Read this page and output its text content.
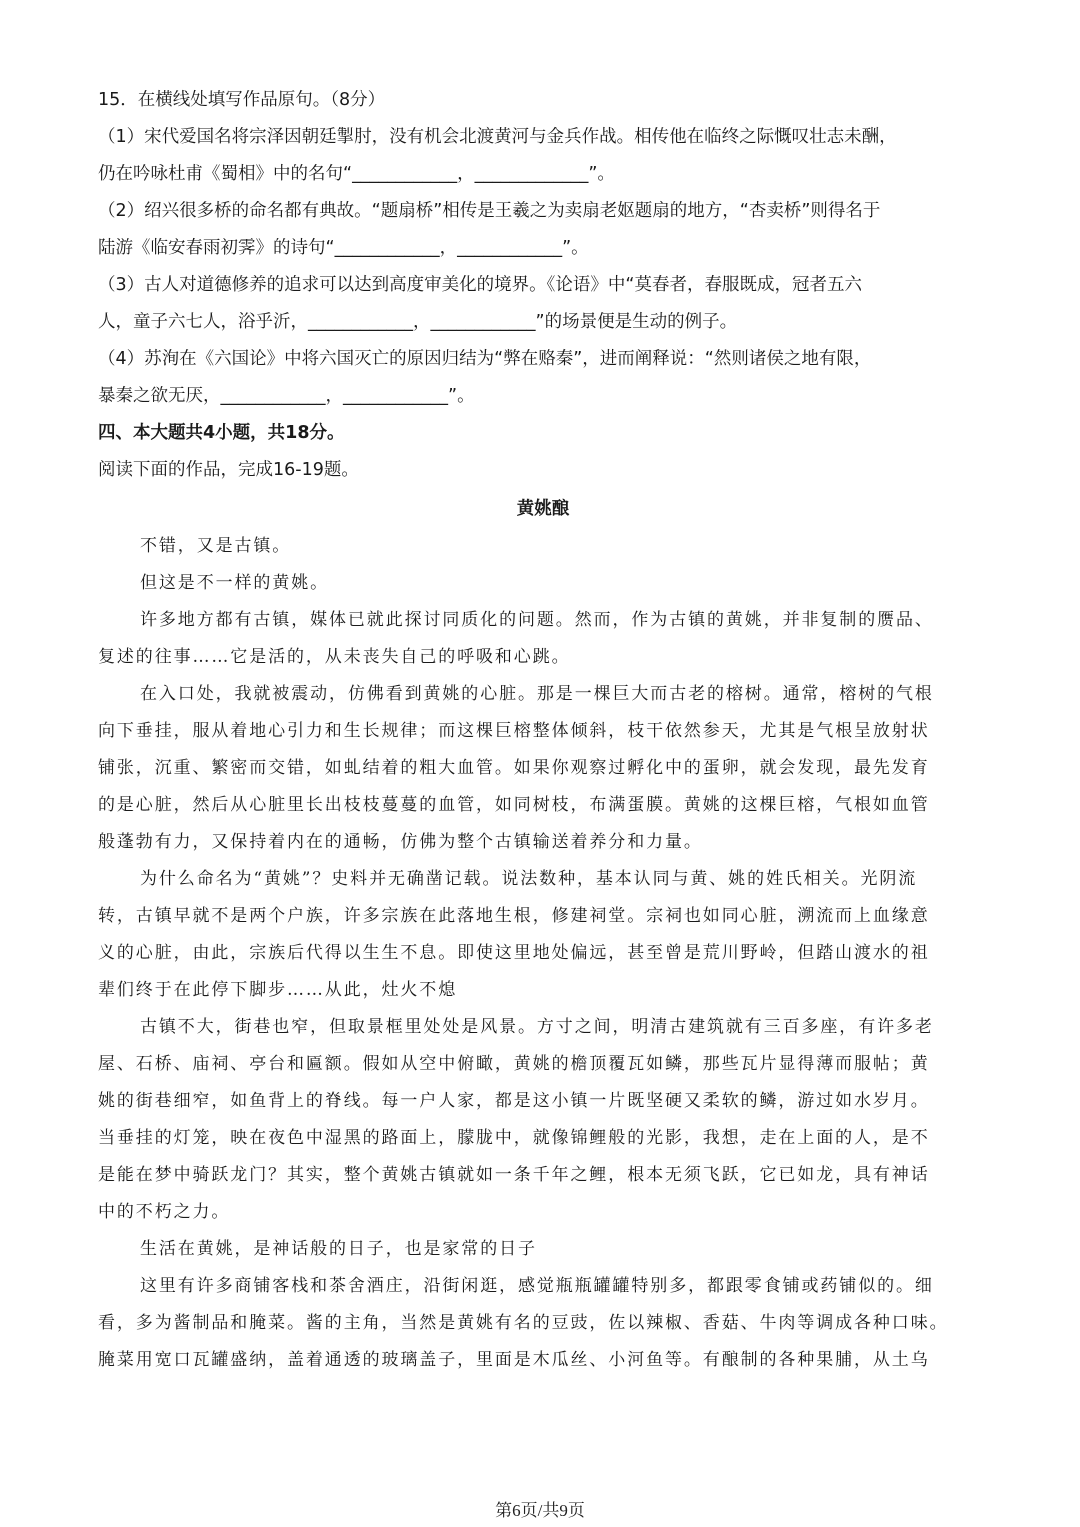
15．在横线处填写作品原句。（8分）

（1）宋代爱国名将宗泽因朝廷掣肘，没有机会北渡黄河与金兵作战。相传他在临终之际慨叹壮志未酬，

仍在吟咏杜甫《蜀相》中的名句“____________，_____________”。

（2）绍兴很多桥的命名都有典故。“题扇桥”相传是王羲之为卖扇老妪题扇的地方，“杏卖桥”则得名于

陆游《临安春雨初霁》的诗句“____________，____________”。

（3）古人对道德修养的追求可以达到高度审美化的境界。《论语》中“莫春者，春服既成，冠者五六

人，童子六七人，浴乎沂，____________，____________”的场景便是生动的例子。

（4）苏洵在《六国论》中将六国灭亡的原因归结为“弊在赂秦”，进而阐释说：“然则诸侯之地有限，

暴秦之欲无厌，____________，____________”。

四、本大题共4小题，共18分。

阅读下面的作品，完成16-19题。

黄姚酿

不错，又是古镇。

但这是不一样的黄姚。

许多地方都有古镇，媒体已就此探讨同质化的问题。然而，作为古镇的黄姚，并非复制的赝品、

复述的往事……它是活的，从未丧失自己的呼吸和心跳。

在入口处，我就被震动，仿佛看到黄姚的心脏。那是一棵巨大而古老的榕树。通常，榕树的气根

向下垂挂，服从着地心引力和生长规律；而这棵巨榕整体倾斜，枝干依然参天，尤其是气根呈放射状

铺张，沉重、繁密而交错，如虬结着的粗大血管。如果你观察过孵化中的蛋卵，就会发现，最先发育

的是心脏，然后从心脏里长出枝枝蔓蔓的血管，如同树枝，布满蛋膜。黄姚的这棵巨榕，气根如血管

般蓬勃有力，又保持着内在的通畅，仿佛为整个古镇输送着养分和力量。

为什么命名为“黄姚”？史料并无确凿记载。说法数种，基本认同与黄、姚的姓氏相关。光阴流

转，古镇早就不是两个户族，许多宗族在此落地生根，修建祠堂。宗祠也如同心脏，溯流而上血缘意

义的心脏，由此，宗族后代得以生生不息。即使这里地处偏远，甚至曾是荒川野岭，但踏山渡水的祖

辈们终于在此停下脚步……从此，灶火不熄

古镇不大，街巷也窄，但取景框里处处是风景。方寸之间，明清古建筑就有三百多座，有许多老

屋、石桥、庙祠、亭台和匾额。假如从空中俯瞰，黄姚的檐顶覆瓦如鳞，那些瓦片显得薄而服帖；黄

姚的街巷细窄，如鱼背上的脊线。每一户人家，都是这小镇一片既坚硬又柔软的鳞，游过如水岁月。

当垂挂的灯笼，映在夜色中湿黑的路面上，朦胧中，就像锦鲤般的光影，我想，走在上面的人，是不

是能在梦中骑跃龙门？其实，整个黄姚古镇就如一条千年之鲤，根本无须飞跃，它已如龙，具有神话

中的不朽之力。

生活在黄姚，是神话般的日子，也是家常的日子

这里有许多商铺客栈和茶舍酒庄，沿街闲逛，感觉瓶瓶罐罐特别多，都跟零食铺或药铺似的。细

看，多为酱制品和腌菜。酱的主角，当然是黄姚有名的豆豉，佐以辣椒、香菇、牛肉等调成各种口味。

腌菜用宽口瓦罐盛纳，盖着通透的玻璃盖子，里面是木瓜丝、小河鱼等。有酿制的各种果脯，从土乌

第6页/共9页
